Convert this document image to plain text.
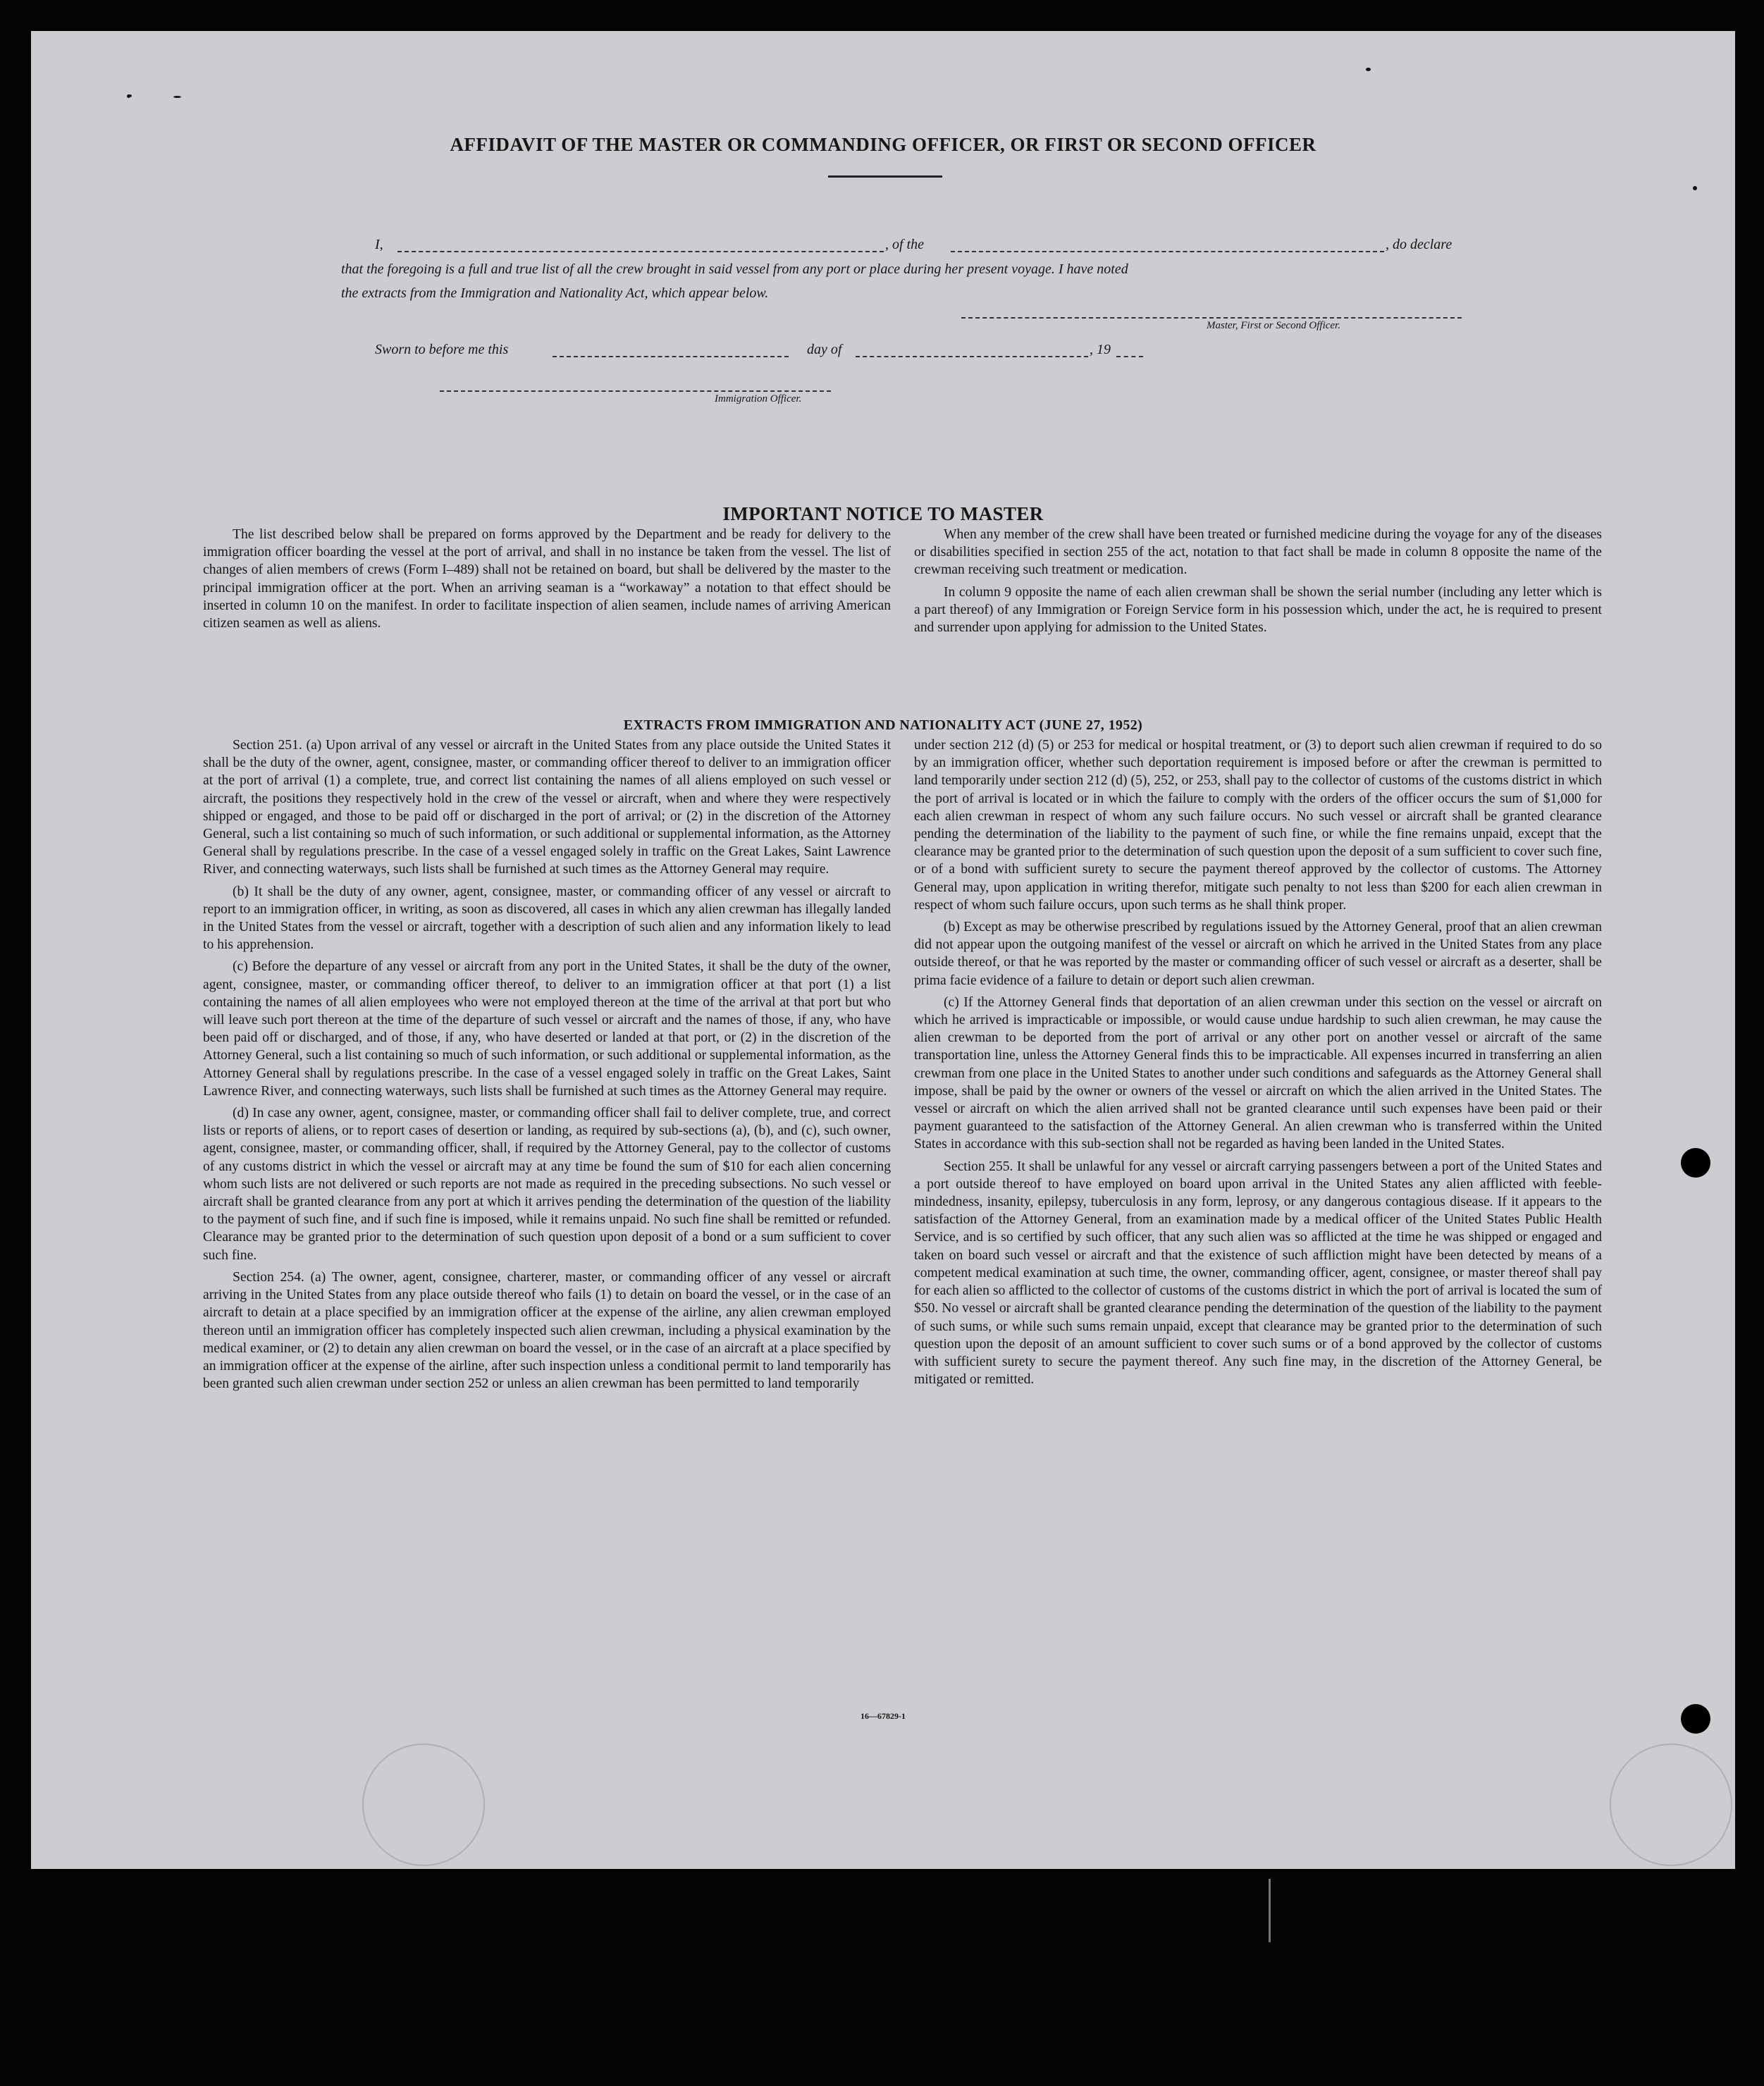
AFFIDAVIT OF THE MASTER OR COMMANDING OFFICER, OR FIRST OR SECOND OFFICER
I,	, of the	, do declare
that the foregoing is a full and true list of all the crew brought in said vessel from any port or place during her present voyage. I have noted
the extracts from the Immigration and Nationality Act, which appear below.
Master, First or Second Officer.
Sworn to before me this	day of	, 19
Immigration Officer.
IMPORTANT NOTICE TO MASTER

The list described below shall be prepared on forms approved by the Department and be ready for delivery to the immigration officer boarding the vessel at the port of arrival, and shall in no instance be taken from the vessel. The list of changes of alien members of crews (Form I–489) shall not be retained on board, but shall be delivered by the master to the principal immigration officer at the port. When an arriving seaman is a “workaway” a notation to that effect should be inserted in column 10 on the manifest. In order to facilitate inspection of alien seamen, include names of arriving American citizen seamen as well as aliens.

When any member of the crew shall have been treated or furnished medicine during the voyage for any of the diseases or disabilities specified in section 255 of the act, notation to that fact shall be made in column 8 opposite the name of the crewman receiving such treatment or medication.

In column 9 opposite the name of each alien crewman shall be shown the serial number (including any letter which is a part thereof) of any Immigration or Foreign Service form in his possession which, under the act, he is required to present and surrender upon applying for admission to the United States.

EXTRACTS FROM IMMIGRATION AND NATIONALITY ACT (JUNE 27, 1952)

Section 251. (a) Upon arrival of any vessel or aircraft in the United States from any place outside the United States it shall be the duty of the owner, agent, consignee, master, or commanding officer thereof to deliver to an immigration officer at the port of arrival (1) a complete, true, and correct list containing the names of all aliens employed on such vessel or aircraft, the positions they respectively hold in the crew of the vessel or aircraft, when and where they were respectively shipped or engaged, and those to be paid off or discharged in the port of arrival; or (2) in the discretion of the Attorney General, such a list containing so much of such information, or such additional or supplemental information, as the Attorney General shall by regulations prescribe. In the case of a vessel engaged solely in traffic on the Great Lakes, Saint Lawrence River, and connecting waterways, such lists shall be furnished at such times as the Attorney General may require.

(b) It shall be the duty of any owner, agent, consignee, master, or commanding officer of any vessel or aircraft to report to an immigration officer, in writing, as soon as discovered, all cases in which any alien crewman has illegally landed in the United States from the vessel or aircraft, together with a description of such alien and any information likely to lead to his apprehension.

(c) Before the departure of any vessel or aircraft from any port in the United States, it shall be the duty of the owner, agent, consignee, master, or commanding officer thereof, to deliver to an immigration officer at that port (1) a list containing the names of all alien employees who were not employed thereon at the time of the arrival at that port but who will leave such port thereon at the time of the departure of such vessel or aircraft and the names of those, if any, who have been paid off or discharged, and of those, if any, who have deserted or landed at that port, or (2) in the discretion of the Attorney General, such a list containing so much of such information, or such additional or supplemental information, as the Attorney General shall by regulations prescribe. In the case of a vessel engaged solely in traffic on the Great Lakes, Saint Lawrence River, and connecting waterways, such lists shall be furnished at such times as the Attorney General may require.

(d) In case any owner, agent, consignee, master, or commanding officer shall fail to deliver complete, true, and correct lists or reports of aliens, or to report cases of desertion or landing, as required by sub-sections (a), (b), and (c), such owner, agent, consignee, master, or commanding officer, shall, if required by the Attorney General, pay to the collector of customs of any customs district in which the vessel or aircraft may at any time be found the sum of $10 for each alien concerning whom such lists are not delivered or such reports are not made as required in the preceding subsections. No such vessel or aircraft shall be granted clearance from any port at which it arrives pending the determination of the question of the liability to the payment of such fine, and if such fine is imposed, while it remains unpaid. No such fine shall be remitted or refunded. Clearance may be granted prior to the determination of such question upon deposit of a bond or a sum sufficient to cover such fine.

Section 254. (a) The owner, agent, consignee, charterer, master, or commanding officer of any vessel or aircraft arriving in the United States from any place outside thereof who fails (1) to detain on board the vessel, or in the case of an aircraft to detain at a place specified by an immigration officer at the expense of the airline, any alien crewman employed thereon until an immigration officer has completely inspected such alien crewman, including a physical examination by the medical examiner, or (2) to detain any alien crewman on board the vessel, or in the case of an aircraft at a place specified by an immigration officer at the expense of the airline, after such inspection unless a conditional permit to land temporarily has been granted such alien crewman under section 252 or unless an alien crewman has been permitted to land temporarily

under section 212 (d) (5) or 253 for medical or hospital treatment, or (3) to deport such alien crewman if required to do so by an immigration officer, whether such deportation requirement is imposed before or after the crewman is permitted to land temporarily under section 212 (d) (5), 252, or 253, shall pay to the collector of customs of the customs district in which the port of arrival is located or in which the failure to comply with the orders of the officer occurs the sum of $1,000 for each alien crewman in respect of whom any such failure occurs. No such vessel or aircraft shall be granted clearance pending the determination of the liability to the payment of such fine, or while the fine remains unpaid, except that the clearance may be granted prior to the determination of such question upon the deposit of a sum sufficient to cover such fine, or of a bond with sufficient surety to secure the payment thereof approved by the collector of customs. The Attorney General may, upon application in writing therefor, mitigate such penalty to not less than $200 for each alien crewman in respect of whom such failure occurs, upon such terms as he shall think proper.

(b) Except as may be otherwise prescribed by regulations issued by the Attorney General, proof that an alien crewman did not appear upon the outgoing manifest of the vessel or aircraft on which he arrived in the United States from any place outside thereof, or that he was reported by the master or commanding officer of such vessel or aircraft as a deserter, shall be prima facie evidence of a failure to detain or deport such alien crewman.

(c) If the Attorney General finds that deportation of an alien crewman under this section on the vessel or aircraft on which he arrived is impracticable or impossible, or would cause undue hardship to such alien crewman, he may cause the alien crewman to be deported from the port of arrival or any other port on another vessel or aircraft of the same transportation line, unless the Attorney General finds this to be impracticable. All expenses incurred in transferring an alien crewman from one place in the United States to another under such conditions and safeguards as the Attorney General shall impose, shall be paid by the owner or owners of the vessel or aircraft on which the alien arrived in the United States. The vessel or aircraft on which the alien arrived shall not be granted clearance until such expenses have been paid or their payment guaranteed to the satisfaction of the Attorney General. An alien crewman who is transferred within the United States in accordance with this sub-section shall not be regarded as having been landed in the United States.

Section 255. It shall be unlawful for any vessel or aircraft carrying passengers between a port of the United States and a port outside thereof to have employed on board upon arrival in the United States any alien afflicted with feeble-mindedness, insanity, epilepsy, tuberculosis in any form, leprosy, or any dangerous contagious disease. If it appears to the satisfaction of the Attorney General, from an examination made by a medical officer of the United States Public Health Service, and is so certified by such officer, that any such alien was so afflicted at the time he was shipped or engaged and taken on board such vessel or aircraft and that the existence of such affliction might have been detected by means of a competent medical examination at such time, the owner, commanding officer, agent, consignee, or master thereof shall pay for each alien so afflicted to the collector of customs of the customs district in which the port of arrival is located the sum of $50. No vessel or aircraft shall be granted clearance pending the determination of the question of the liability to the payment of such sums, or while such sums remain unpaid, except that clearance may be granted prior to the determination of such question upon the deposit of an amount sufficient to cover such sums or of a bond approved by the collector of customs with sufficient surety to secure the payment thereof. Any such fine may, in the discretion of the Attorney General, be mitigated or remitted.

16—67829-1
